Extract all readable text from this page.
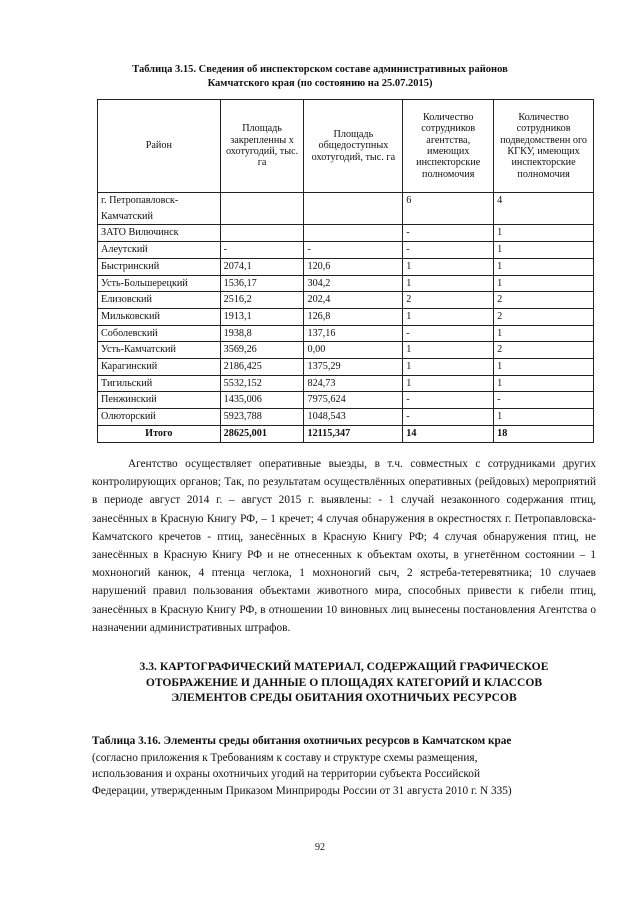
Таблица 3.15. Сведения об инспекторском составе административных районов
Камчатского края (по состоянию на 25.07.2015)
Район	Площадь закрепленны х охотугодий, тыс. га	Площадь общедоступных охотугодий, тыс. га	Количество сотрудников агентства, имеющих инспекторские полномочия	Количество сотрудников подведомственн ого КГКУ, имеющих инспекторские полномочия
г. Петропавловск-Камчатский			6	4
ЗАТО Вилючинск			-	1
Алеутский	-	-	-	1
Быстринский	2074,1	120,6	1	1
Усть-Большерецкий	1536,17	304,2	1	1
Елизовский	2516,2	202,4	2	2
Мильковский	1913,1	126,8	1	2
Соболевский	1938,8	137,16	-	1
Усть-Камчатский	3569,26	0,00	1	2
Карагинский	2186,425	1375,29	1	1
Тигильский	5532,152	824,73	1	1
Пенжинский	1435,006	7975,624	-	-
Олюторский	5923,788	1048,543	-	1
Итого	28625,001	12115,347	14	18

Агентство осуществляет оперативные выезды, в т.ч. совместных с сотрудниками других контролирующих органов; Так, по результатам осуществлённых оперативных (рейдовых) мероприятий в периоде август 2014 г. – август 2015 г. выявлены: - 1 случай незаконного содержания птиц, занесённых в Красную Книгу РФ, – 1 кречет; 4 случая обнаружения в окрестностях г. Петропавловска-Камчатского кречетов - птиц, занесённых в Красную Книгу РФ; 4 случая обнаружения птиц, не занесённых в Красную Книгу РФ и не отнесенных к объектам охоты, в угнетённом состоянии – 1 мохноногий канюк, 4 птенца чеглока, 1 мохноногий сыч, 2 ястреба-тетеревятника; 10 случаев нарушений правил пользования объектами животного мира, способных привести к гибели птиц, занесённых в Красную Книгу РФ, в отношении 10 виновных лиц вынесены постановления Агентства о назначении административных штрафов.

3.3. КАРТОГРАФИЧЕСКИЙ МАТЕРИАЛ, СОДЕРЖАЩИЙ ГРАФИЧЕСКОЕ
ОТОБРАЖЕНИЕ И ДАННЫЕ О ПЛОЩАДЯХ КАТЕГОРИЙ И КЛАССОВ
ЭЛЕМЕНТОВ СРЕДЫ ОБИТАНИЯ ОХОТНИЧЬИХ РЕСУРСОВ
Таблица 3.16. Элементы среды обитания охотничьих ресурсов в Камчатском крае
(согласно приложения к Требованиям к составу и структуре схемы размещения,
использования и охраны охотничьих угодий на территории субъекта Российской
Федерации, утвержденным Приказом Минприроды России от 31 августа 2010 г. N 335)
92
